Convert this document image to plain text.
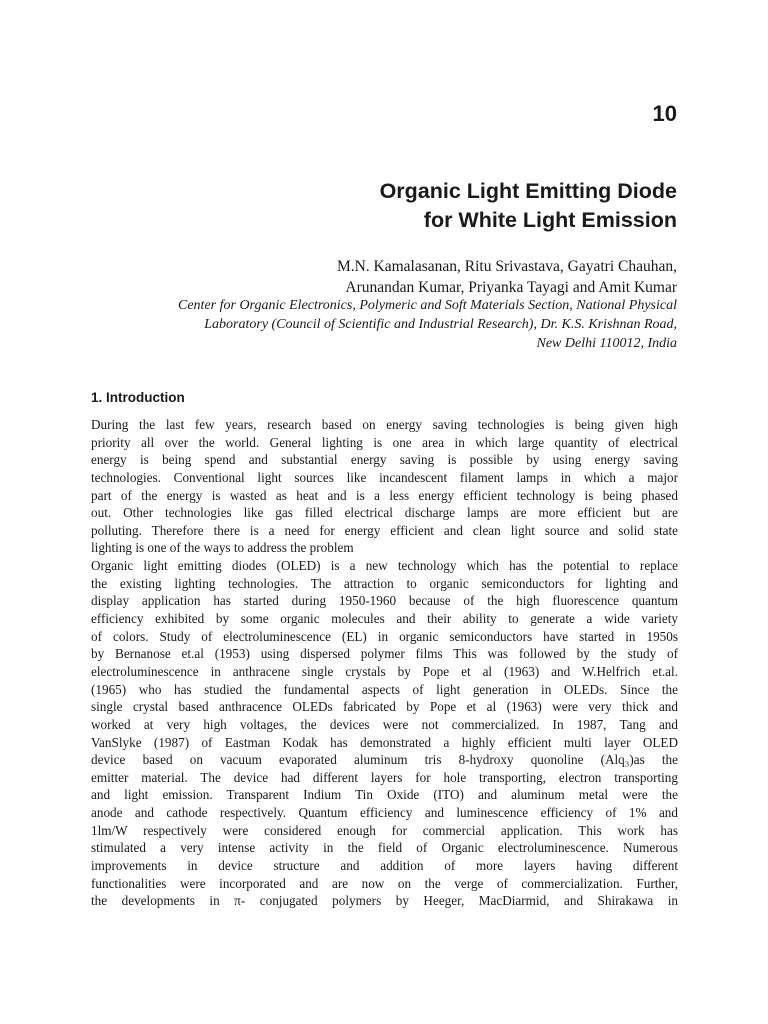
10
Organic Light Emitting Diode
for White Light Emission
M.N. Kamalasanan, Ritu Srivastava, Gayatri Chauhan,
Arunandan Kumar, Priyanka Tayagi and Amit Kumar
Center for Organic Electronics, Polymeric and Soft Materials Section, National Physical
Laboratory (Council of Scientific and Industrial Research), Dr. K.S. Krishnan Road,
New Delhi 110012, India
1. Introduction
During the last few years, research based on energy saving technologies is being given high
priority all over the world. General lighting is one area in which large quantity of electrical
energy is being spend and substantial energy saving is possible by using energy saving
technologies. Conventional light sources like incandescent filament lamps in which a major
part of the energy is wasted as heat and is a less energy efficient technology is being phased
out. Other technologies like gas filled electrical discharge lamps are more efficient but are
polluting. Therefore there is a need for energy efficient and clean light source and solid state
lighting is one of the ways to address the problem
Organic light emitting diodes (OLED) is a new technology which has the potential to replace
the existing lighting technologies. The attraction to organic semiconductors for lighting and
display application has started during 1950-1960 because of the high fluorescence quantum
efficiency exhibited by some organic molecules and their ability to generate a wide variety
of colors. Study of electroluminescence (EL) in organic semiconductors have started in 1950s
by Bernanose et.al (1953) using dispersed polymer films This was followed by the study of
electroluminescence in anthracene single crystals by Pope et al (1963) and W.Helfrich et.al.
(1965) who has studied the fundamental aspects of light generation in OLEDs. Since the
single crystal based anthracence OLEDs fabricated by Pope et al (1963) were very thick and
worked at very high voltages, the devices were not commercialized. In 1987, Tang and
VanSlyke (1987) of Eastman Kodak has demonstrated a highly efficient multi layer OLED
device based on vacuum evaporated aluminum tris 8-hydroxy quonoline (Alq₃)as the
emitter material. The device had different layers for hole transporting, electron transporting
and light emission. Transparent Indium Tin Oxide (ITO) and aluminum metal were the
anode and cathode respectively. Quantum efficiency and luminescence efficiency of 1% and
1lm/W respectively were considered enough for commercial application. This work has
stimulated a very intense activity in the field of Organic electroluminescence. Numerous
improvements in device structure and addition of more layers having different
functionalities were incorporated and are now on the verge of commercialization. Further,
the developments in π- conjugated polymers by Heeger, MacDiarmid, and Shirakawa in
